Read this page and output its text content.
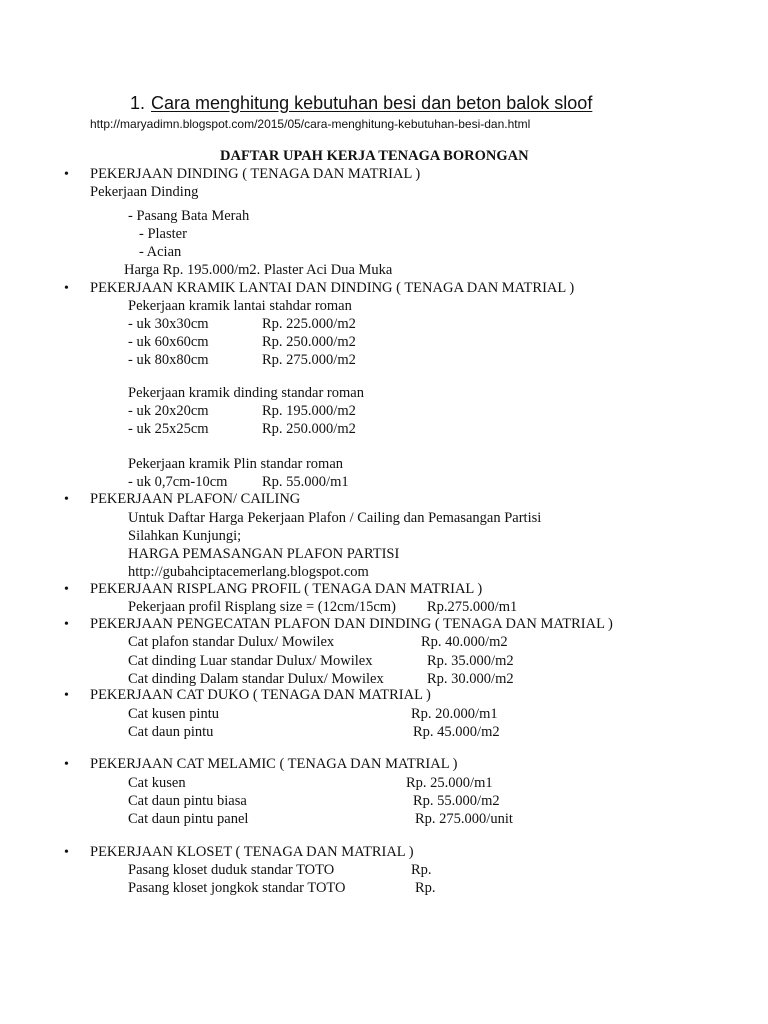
1. Cara menghitung kebutuhan besi dan beton balok sloof
http://maryadimn.blogspot.com/2015/05/cara-menghitung-kebutuhan-besi-dan.html
DAFTAR UPAH KERJA TENAGA BORONGAN
• PEKERJAAN DINDING ( TENAGA DAN MATRIAL )
Pekerjaan Dinding
- Pasang Bata Merah
- Plaster
- Acian
Harga Rp. 195.000/m2. Plaster Aci Dua Muka
• PEKERJAAN KRAMIK LANTAI DAN DINDING ( TENAGA DAN MATRIAL )
Pekerjaan kramik lantai stahdar roman
- uk 30x30cm	Rp. 225.000/m2
- uk 60x60cm	Rp. 250.000/m2
- uk 80x80cm	Rp. 275.000/m2
Pekerjaan kramik dinding standar roman
- uk 20x20cm	Rp. 195.000/m2
- uk 25x25cm	Rp. 250.000/m2
Pekerjaan kramik Plin standar roman
- uk 0,7cm-10cm Rp. 55.000/m1
• PEKERJAAN PLAFON/ CAILING
Untuk Daftar Harga Pekerjaan Plafon / Cailing dan Pemasangan Partisi
Silahkan Kunjungi;
HARGA PEMASANGAN PLAFON PARTISI
http://gubahciptacemerlang.blogspot.com
• PEKERJAAN RISPLANG PROFIL ( TENAGA DAN MATRIAL )
Pekerjaan profil Risplang size = (12cm/15cm) Rp.275.000/m1
• PEKERJAAN PENGECATAN PLAFON DAN DINDING ( TENAGA DAN MATRIAL )
Cat plafon standar Dulux/ Mowilex	Rp. 40.000/m2
Cat dinding Luar standar Dulux/ Mowilex	Rp. 35.000/m2
Cat dinding Dalam standar Dulux/ Mowilex	Rp. 30.000/m2
• PEKERJAAN CAT DUKO ( TENAGA DAN MATRIAL )
Cat kusen pintu	Rp. 20.000/m1
Cat daun pintu	Rp. 45.000/m2
• PEKERJAAN CAT MELAMIC ( TENAGA DAN MATRIAL )
Cat kusen	Rp. 25.000/m1
Cat daun pintu biasa	Rp. 55.000/m2
Cat daun pintu panel	Rp. 275.000/unit
• PEKERJAAN KLOSET ( TENAGA DAN MATRIAL )
Pasang kloset duduk standar TOTO	Rp.
Pasang kloset jongkok standar TOTO	Rp.
